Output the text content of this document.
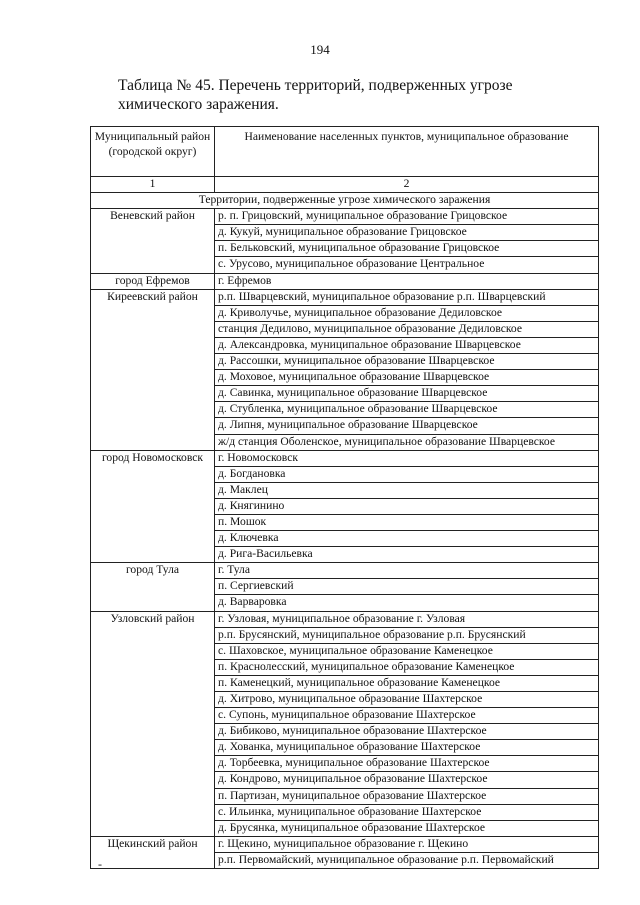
194
Таблица № 45. Перечень территорий, подверженных угрозе химического заражения.
Муниципальный район (городской округ)	Наименование населенных пунктов, муниципальное образование
1	2
Территории, подверженные угрозе химического заражения	
Веневский район	р. п. Грицовский, муниципальное образование Грицовское
	д. Кукуй, муниципальное образование Грицовское
	п. Бельковский, муниципальное образование Грицовское
	с. Урусово, муниципальное образование Центральное
город Ефремов	г. Ефремов
Киреевский район	р.п. Шварцевский, муниципальное образование р.п. Шварцевский
	д. Криволучье, муниципальное образование Дедиловское
	станция Дедилово, муниципальное образование Дедиловское
	д. Александровка, муниципальное образование Шварцевское
	д. Рассошки, муниципальное образование Шварцевское
	д. Моховое, муниципальное образование Шварцевское
	д. Савинка, муниципальное образование Шварцевское
	д. Стубленка, муниципальное образование Шварцевское
	д. Липня, муниципальное образование Шварцевское
	ж/д станция Оболенское, муниципальное образование Шварцевское
город Новомосковск	г. Новомосковск
	д. Богдановка
	д. Маклец
	д. Княгинино
	п. Мошок
	д. Ключевка
	д. Рига-Васильевка
город Тула	г. Тула
	п. Сергиевский
	д. Варваровка
Узловский район	г. Узловая, муниципальное образование г. Узловая
	р.п. Брусянский, муниципальное образование р.п. Брусянский
	с. Шаховское, муниципальное образование Каменецкое
	п. Краснолесский, муниципальное образование Каменецкое
	п. Каменецкий, муниципальное образование Каменецкое
	д. Хитрово, муниципальное образование Шахтерское
	с. Супонь, муниципальное образование Шахтерское
	д. Бибиково, муниципальное образование Шахтерское
	д. Хованка, муниципальное образование Шахтерское
	д. Торбеевка, муниципальное образование Шахтерское
	д. Кондрово, муниципальное образование Шахтерское
	п. Партизан, муниципальное образование Шахтерское
	с. Ильинка, муниципальное образование Шахтерское
	д. Брусянка, муниципальное образование Шахтерское
Щекинский район	г. Щекино, муниципальное образование г. Щекино
	р.п. Первомайский, муниципальное образование р.п. Первомайский
-
